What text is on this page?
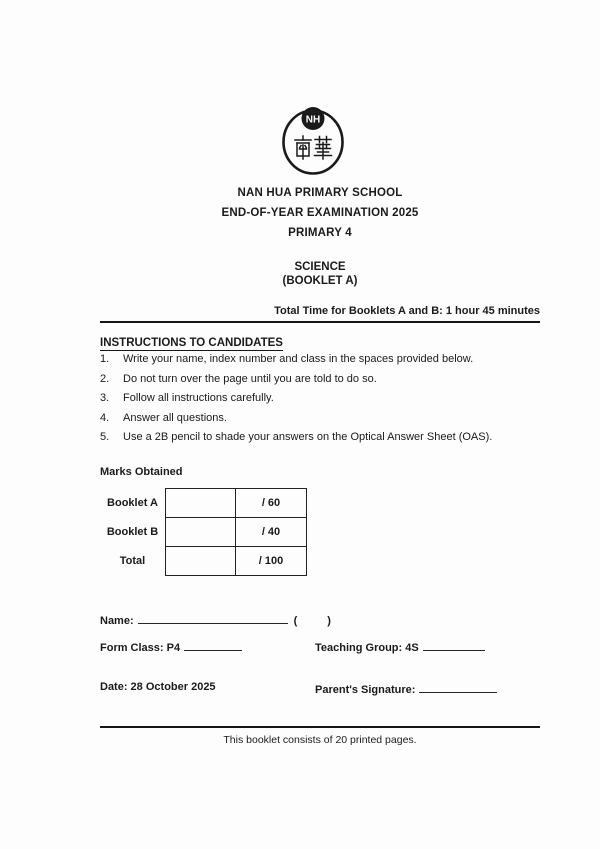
NH
NAN HUA PRIMARY SCHOOL
END-OF-YEAR EXAMINATION 2025
PRIMARY 4
SCIENCE
(BOOKLET A)
Total Time for Booklets A and B: 1 hour 45 minutes
INSTRUCTIONS TO CANDIDATES
1.	Write your name, index number and class in the spaces provided below.
2.	Do not turn over the page until you are told to do so.
3.	Follow all instructions carefully.
4.	Answer all questions.
5.	Use a 2B pencil to shade your answers on the Optical Answer Sheet (OAS).
Marks Obtained
Booklet A		/ 60
Booklet B		/ 40
Total		/ 100
Name:	(	)
Form Class: P4	Teaching Group: 4S
Date: 28 October 2025	Parent's Signature:
This booklet consists of 20 printed pages.
